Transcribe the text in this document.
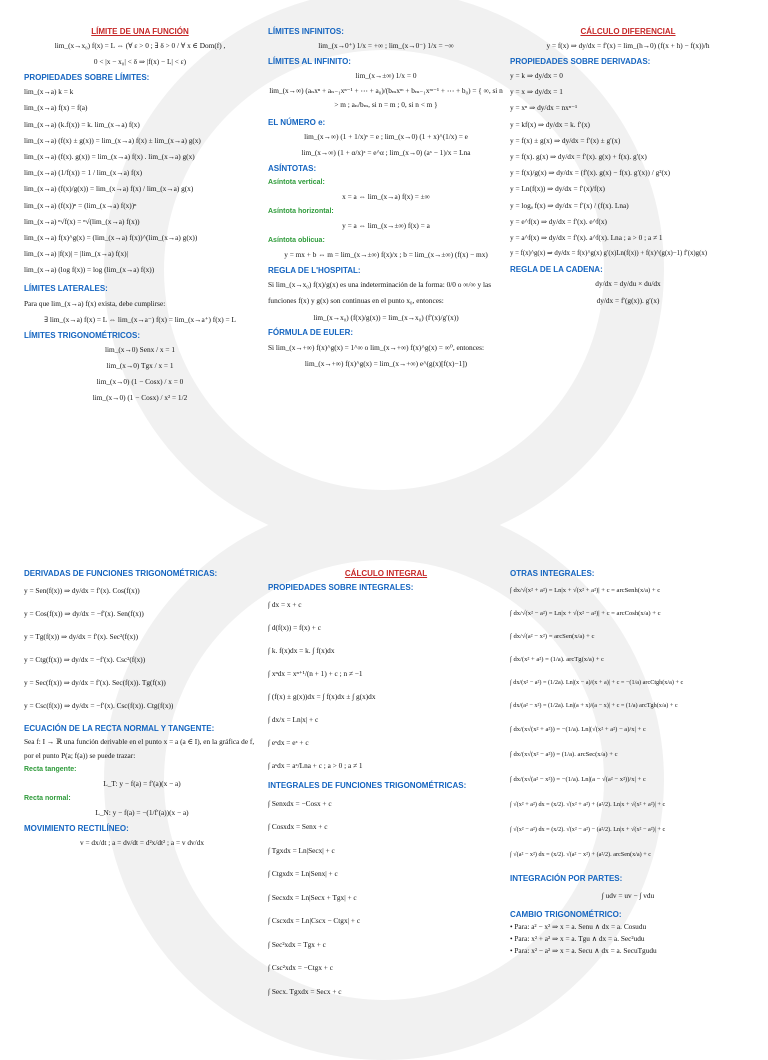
LÍMITE DE UNA FUNCIÓN
lim_(x→x₀) f(x) = L ⇔ (∀ ε > 0 ; ∃ δ > 0 / ∀ x ∈ Dom(f) ,
0 < |x − x₀| < δ ⇒ |f(x) − L| < ε)
PROPIEDADES SOBRE LÍMITES:
lim_(x→a) k = k
lim_(x→a) f(x) = f(a)
lim_(x→a) (k.f(x)) = k. lim_(x→a) f(x)
lim_(x→a) (f(x) ± g(x)) = lim_(x→a) f(x) ± lim_(x→a) g(x)
lim_(x→a) (f(x). g(x)) = lim_(x→a) f(x) . lim_(x→a) g(x)
lim_(x→a) (1/f(x)) = 1 / lim_(x→a) f(x)
lim_(x→a) (f(x)/g(x)) = lim_(x→a) f(x) / lim_(x→a) g(x)
lim_(x→a) (f(x))ⁿ = (lim_(x→a) f(x))ⁿ
lim_(x→a) ⁿ√f(x) = ⁿ√(lim_(x→a) f(x))
lim_(x→a) f(x)^g(x) = (lim_(x→a) f(x))^(lim_(x→a) g(x))
lim_(x→a) |f(x)| = |lim_(x→a) f(x)|
lim_(x→a) (log f(x)) = log (lim_(x→a) f(x))
LÍMITES LATERALES:
Para que lim_(x→a) f(x) exista, debe cumplirse:
∃ lim_(x→a) f(x) = L ⇔ lim_(x→a⁻) f(x) = lim_(x→a⁺) f(x) = L
LÍMITES TRIGONOMÉTRICOS:
lim_(x→0) Senx / x = 1
lim_(x→0) Tgx / x = 1
lim_(x→0) (1 − Cosx) / x = 0
lim_(x→0) (1 − Cosx) / x² = 1/2
LÍMITES INFINITOS:
lim_(x→0⁺) 1/x = +∞ ; lim_(x→0⁻) 1/x = −∞
LÍMITES AL INFINITO:
lim_(x→±∞) 1/x = 0
lim_(x→∞) (aₙxⁿ + aₙ₋₁xⁿ⁻¹ + ⋯ + a₀)/(bₘxᵐ + bₘ₋₁xᵐ⁻¹ + ⋯ + b₀) = { ∞, si n > m ; aₙ/bₘ, si n = m ; 0, si n < m }
EL NÚMERO e:
lim_(x→∞) (1 + 1/x)ˣ = e ; lim_(x→0) (1 + x)^(1/x) = e
lim_(x→∞) (1 + α/x)ˣ = e^α ; lim_(x→0) (aˣ − 1)/x = Lna
ASÍNTOTAS:
Asíntota vertical:
x = a ⇔ lim_(x→a) f(x) = ±∞
Asíntota horizontal:
y = a ⇔ lim_(x→±∞) f(x) = a
Asíntota oblicua:
y = mx + b ⇔ m = lim_(x→±∞) f(x)/x ; b = lim_(x→±∞) (f(x) − mx)
REGLA DE L'HOSPITAL:
Si lim_(x→x₀) f(x)/g(x) es una indeterminación de la forma: 0/0 o ∞/∞ y las
funciones f(x) y g(x) son continuas en el punto x₀, entonces:
lim_(x→x₀) (f(x)/g(x)) = lim_(x→x₀) (f′(x)/g′(x))
FÓRMULA DE EULER:
Si lim_(x→+∞) f(x)^g(x) = 1^∞ o lim_(x→+∞) f(x)^g(x) = ∞⁰, entonces:
lim_(x→+∞) f(x)^g(x) = lim_(x→+∞) e^(g(x)[f(x)−1])
CÁLCULO DIFERENCIAL
y = f(x) ⇒ dy/dx = f′(x) = lim_(h→0) (f(x + h) − f(x))/h
PROPIEDADES SOBRE DERIVADAS:
y = k ⇒ dy/dx = 0
y = x ⇒ dy/dx = 1
y = xⁿ ⇒ dy/dx = nxⁿ⁻¹
y = kf(x) ⇒ dy/dx = k. f′(x)
y = f(x) ± g(x) ⇒ dy/dx = f′(x) ± g′(x)
y = f(x). g(x) ⇒ dy/dx = f′(x). g(x) + f(x). g′(x)
y = f(x)/g(x) ⇒ dy/dx = (f′(x). g(x) − f(x). g′(x)) / g²(x)
y = Ln(f(x)) ⇒ dy/dx = f′(x)/f(x)
y = logₐ f(x) ⇒ dy/dx = f′(x) / (f(x). Lna)
y = e^f(x) ⇒ dy/dx = f′(x). e^f(x)
y = a^f(x) ⇒ dy/dx = f′(x). a^f(x). Lna ; a > 0 ; a ≠ 1
y = f(x)^g(x) ⇒ dy/dx = f(x)^g(x) g′(x)Ln(f(x)) + f(x)^(g(x)−1) f′(x)g(x)
REGLA DE LA CADENA:
dy/dx = dy/du × du/dx
dy/dx = f′(g(x)). g′(x)
DERIVADAS DE FUNCIONES TRIGONOMÉTRICAS:
y = Sen(f(x)) ⇒ dy/dx = f′(x). Cos(f(x))
y = Cos(f(x)) ⇒ dy/dx = −f′(x). Sen(f(x))
y = Tg(f(x)) ⇒ dy/dx = f′(x). Sec²(f(x))
y = Ctg(f(x)) ⇒ dy/dx = −f′(x). Csc²(f(x))
y = Sec(f(x)) ⇒ dy/dx = f′(x). Sec(f(x)). Tg(f(x))
y = Csc(f(x)) ⇒ dy/dx = −f′(x). Csc(f(x)). Ctg(f(x))
ECUACIÓN DE LA RECTA NORMAL Y TANGENTE:
Sea f: I → ℝ una función derivable en el punto x = a (a ∈ I), en la gráfica de f, por el punto P(a; f(a)) se puede trazar:
Recta tangente:
L_T: y − f(a) = f′(a)(x − a)
Recta normal:
L_N: y − f(a) = −(1/f′(a))(x − a)
MOVIMIENTO RECTILÍNEO:
v = dx/dt ; a = dv/dt = d²x/dt² ; a = v dv/dx
CÁLCULO INTEGRAL
PROPIEDADES SOBRE INTEGRALES:
∫ dx = x + c
∫ d(f(x)) = f(x) + c
∫ k. f(x)dx = k. ∫ f(x)dx
∫ xⁿdx = xⁿ⁺¹/(n + 1) + c ; n ≠ −1
∫ (f(x) ± g(x))dx = ∫ f(x)dx ± ∫ g(x)dx
∫ dx/x = Ln|x| + c
∫ eˣdx = eˣ + c
∫ aˣdx = aˣ/Lna + c ; a > 0 ; a ≠ 1
INTEGRALES DE FUNCIONES TRIGONOMÉTRICAS:
∫ Senxdx = −Cosx + c
∫ Cosxdx = Senx + c
∫ Tgxdx = Ln|Secx| + c
∫ Ctgxdx = Ln|Senx| + c
∫ Secxdx = Ln|Secx + Tgx| + c
∫ Cscxdx = Ln|Cscx − Ctgx| + c
∫ Sec²xdx = Tgx + c
∫ Csc²xdx = −Ctgx + c
∫ Secx. Tgxdx = Secx + c
OTRAS INTEGRALES:
∫ dx/√(x² + a²) = Ln|x + √(x² + a²)| + c = arcSenh(x/a) + c
∫ dx/√(x² − a²) = Ln|x + √(x² − a²)| + c = arcCosh(x/a) + c
∫ dx/√(a² − x²) = arcSen(x/a) + c
∫ dx/(x² + a²) = (1/a). arcTg(x/a) + c
∫ dx/(x² − a²) = (1/2a). Ln|(x − a)/(x + a)| + c = −(1/a) arcCtgh(x/a) + c
∫ dx/(a² − x²) = (1/2a). Ln|(a + x)/(a − x)| + c = (1/a) arcTgh(x/a) + c
∫ dx/(x√(x² + a²)) = −(1/a). Ln|(√(x² + a²) − a)/x| + c
∫ dx/(x√(x² − a²)) = (1/a). arcSec(x/a) + c
∫ dx/(x√(a² − x²)) = −(1/a). Ln|(a − √(a² − x²))/x| + c
∫ √(x² + a²) dx = (x/2). √(x² + a²) + (a²/2). Ln|x + √(x² + a²)| + c
∫ √(x² − a²) dx = (x/2). √(x² − a²) − (a²/2). Ln|x + √(x² − a²)| + c
∫ √(a² − x²) dx = (x/2). √(a² − x²) + (a²/2). arcSen(x/a) + c
INTEGRACIÓN POR PARTES:
∫ udv = uv − ∫ vdu
CAMBIO TRIGONOMÉTRICO:
• Para: a² − x² ⇒ x = a. Senu ∧ dx = a. Cosudu
• Para: x² + a² ⇒ x = a. Tgu ∧ dx = a. Sec²udu
• Para: x² − a² ⇒ x = a. Secu ∧ dx = a. SecuTgudu
